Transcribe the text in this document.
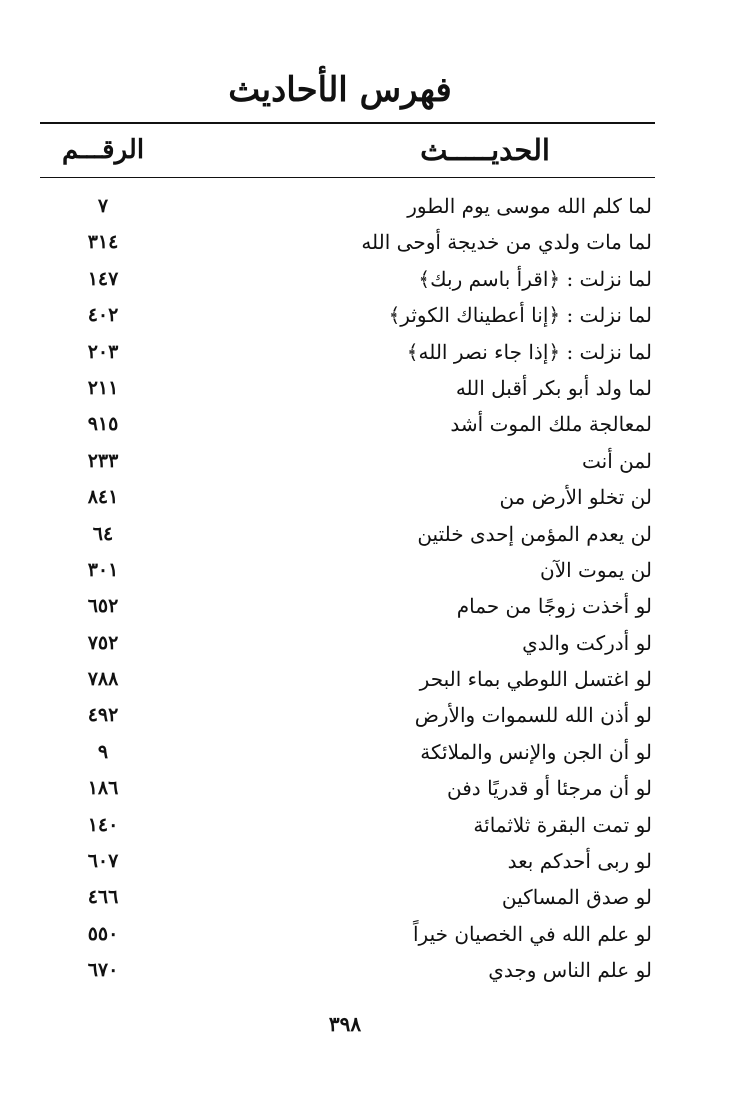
فهرس الأحاديث
الحديـــــث
الرقـــم
لما كلم الله موسى يوم الطور
٧
لما مات ولدي من خديجة أوحى الله
٣١٤
لما نزلت : ﴿اقرأ باسم ربك﴾
١٤٧
لما نزلت : ﴿إنا أعطيناك الكوثر﴾
٤٠٢
لما نزلت : ﴿إذا جاء نصر الله﴾
٢٠٣
لما ولد أبو بكر أقبل الله
٢١١
لمعالجة ملك الموت أشد
٩١٥
لمن أنت
٢٣٣
لن تخلو الأرض من
٨٤١
لن يعدم المؤمن إحدى خلتين
٦٤
لن يموت الآن
٣٠١
لو أخذت زوجًا من حمام
٦٥٢
لو أدركت والدي
٧٥٢
لو اغتسل اللوطي بماء البحر
٧٨٨
لو أذن الله للسموات والأرض
٤٩٢
لو أن الجن والإنس والملائكة
٩
لو أن مرجئا أو قدريًا دفن
١٨٦
لو تمت البقرة ثلاثمائة
١٤٠
لو ربى أحدكم بعد
٦٠٧
لو صدق المساكين
٤٦٦
لو علم الله في الخصيان خيراً
٥٥٠
لو علم الناس وجدي
٦٧٠
٣٩٨
